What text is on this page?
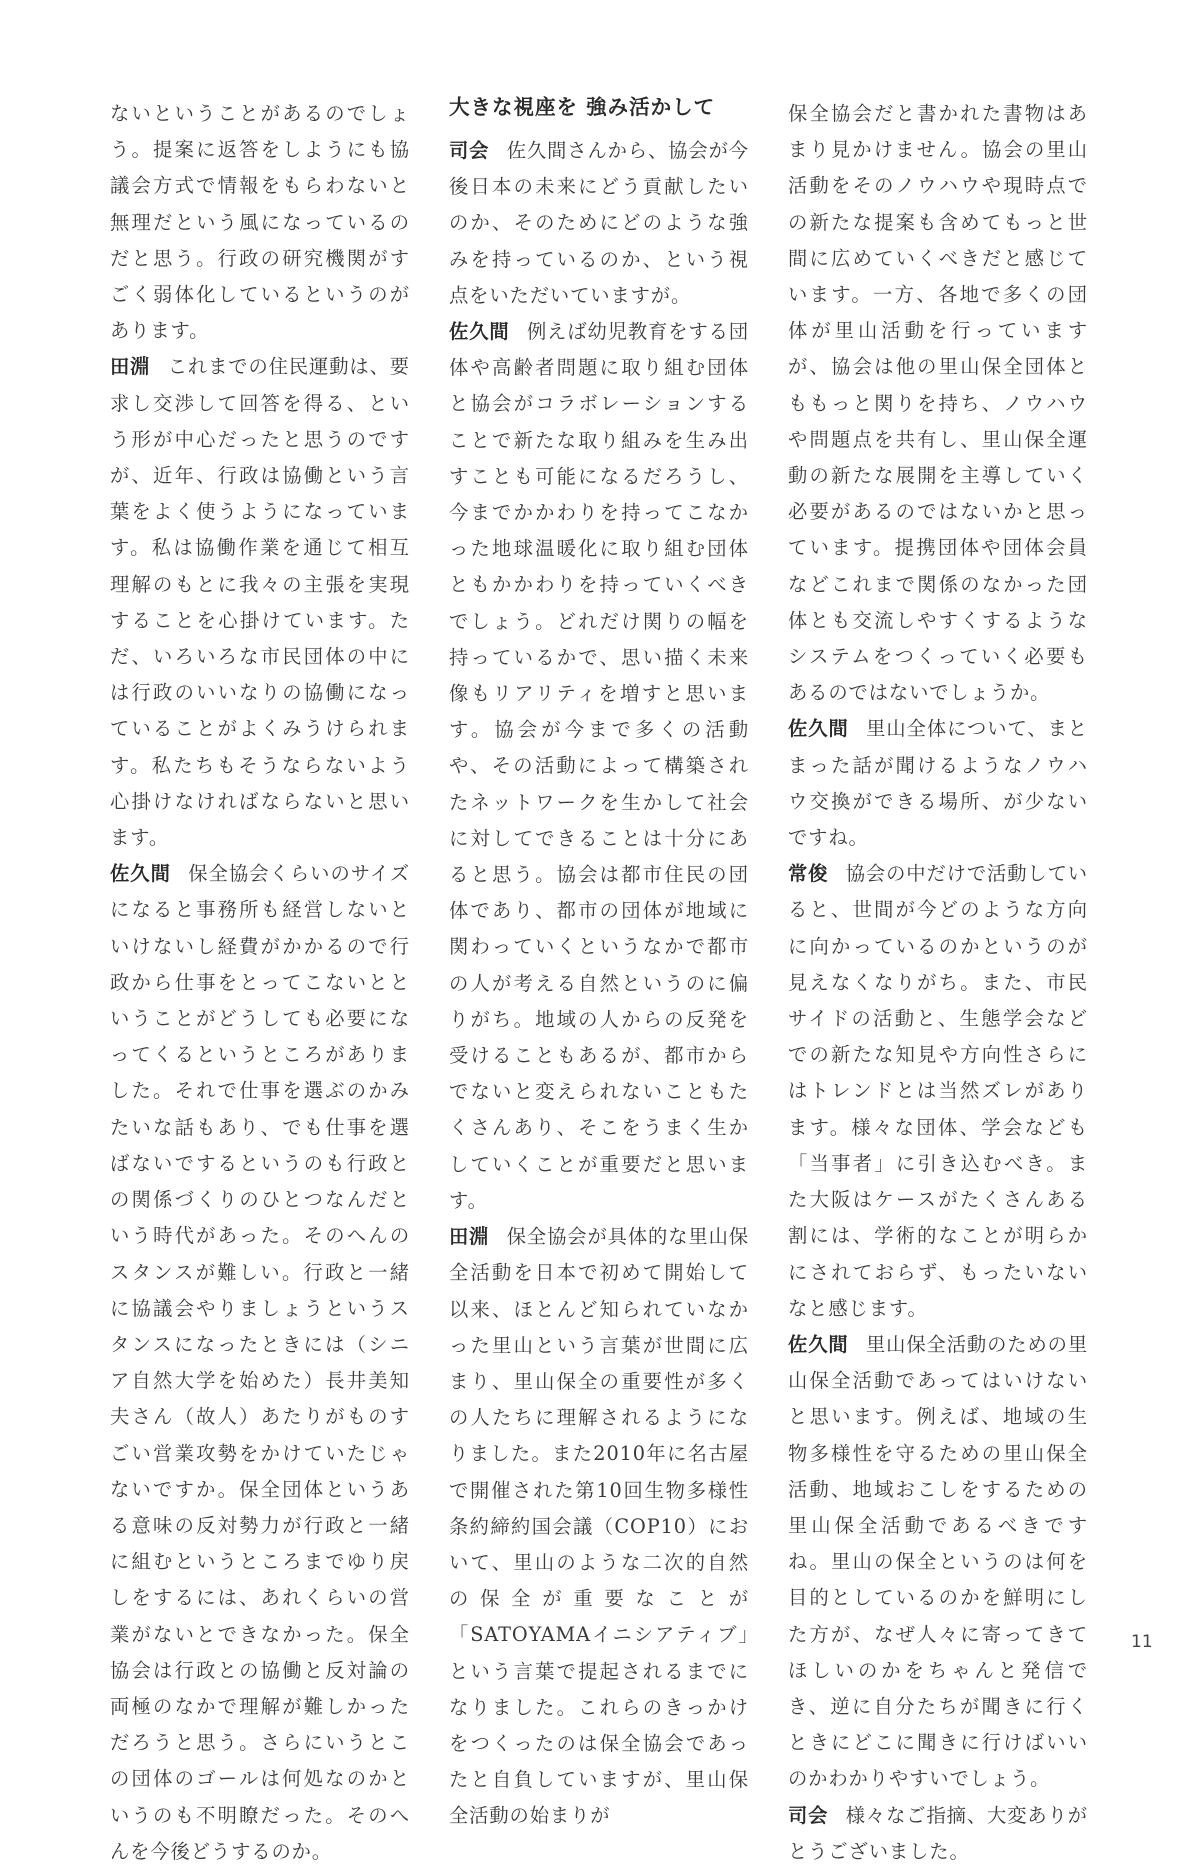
大きな視座を 強み活かして

ないということがあるのでしょう。提案に返答をしようにも協議会方式で情報をもらわないと無理だという風になっているのだと思う。行政の研究機関がすごく弱体化しているというのがあります。

田淵 これまでの住民運動は、要求し交渉して回答を得る、という形が中心だったと思うのですが、近年、行政は協働という言葉をよく使うようになっています。私は協働作業を通じて相互理解のもとに我々の主張を実現することを心掛けています。ただ、いろいろな市民団体の中には行政のいいなりの協働になっていることがよくみうけられます。私たちもそうならないよう心掛けなければならないと思います。

佐久間 保全協会くらいのサイズになると事務所も経営しないといけないし経費がかかるので行政から仕事をとってこないとということがどうしても必要になってくるというところがありました。それで仕事を選ぶのかみたいな話もあり、でも仕事を選ばないでするというのも行政との関係づくりのひとつなんだという時代があった。そのへんのスタンスが難しい。行政と一緒に協議会やりましょうというスタンスになったときには（シニア自然大学を始めた）長井美知夫さん（故人）あたりがものすごい営業攻勢をかけていたじゃないですか。保全団体というある意味の反対勢力が行政と一緒に組むというところまでゆり戻しをするには、あれくらいの営業がないとできなかった。保全協会は行政との協働と反対論の両極のなかで理解が難しかっただろうと思う。さらにいうとこの団体のゴールは何処なのかというのも不明瞭だった。そのへんを今後どうするのか。

司会 佐久間さんから、協会が今後日本の未来にどう貢献したいのか、そのためにどのような強みを持っているのか、という視点をいただいていますが。

佐久間 例えば幼児教育をする団体や高齢者問題に取り組む団体と協会がコラボレーションすることで新たな取り組みを生み出すことも可能になるだろうし、今までかかわりを持ってこなかった地球温暖化に取り組む団体ともかかわりを持っていくべきでしょう。どれだけ関りの幅を持っているかで、思い描く未来像もリアリティを増すと思います。協会が今まで多くの活動や、その活動によって構築されたネットワークを生かして社会に対してできることは十分にあると思う。協会は都市住民の団体であり、都市の団体が地域に関わっていくというなかで都市の人が考える自然というのに偏りがち。地域の人からの反発を受けることもあるが、都市からでないと変えられないこともたくさんあり、そこをうまく生かしていくことが重要だと思います。

田淵 保全協会が具体的な里山保全活動を日本で初めて開始して以来、ほとんど知られていなかった里山という言葉が世間に広まり、里山保全の重要性が多くの人たちに理解されるようになりました。また2010年に名古屋で開催された第10回生物多様性条約締約国会議（COP10）において、里山のような二次的自然の保全が重要なことが「SATOYAMAイニシアティブ」という言葉で提起されるまでになりました。これらのきっかけをつくったのは保全協会であったと自負していますが、里山保全活動の始まりが

保全協会だと書かれた書物はあまり見かけません。協会の里山活動をそのノウハウや現時点での新たな提案も含めてもっと世間に広めていくべきだと感じています。一方、各地で多くの団体が里山活動を行っていますが、協会は他の里山保全団体とももっと関りを持ち、ノウハウや問題点を共有し、里山保全運動の新たな展開を主導していく必要があるのではないかと思っています。提携団体や団体会員などこれまで関係のなかった団体とも交流しやすくするようなシステムをつくっていく必要もあるのではないでしょうか。

佐久間 里山全体について、まとまった話が聞けるようなノウハウ交換ができる場所、が少ないですね。

常俊 協会の中だけで活動していると、世間が今どのような方向に向かっているのかというのが見えなくなりがち。また、市民サイドの活動と、生態学会などでの新たな知見や方向性さらにはトレンドとは当然ズレがあります。様々な団体、学会なども「当事者」に引き込むべき。また大阪はケースがたくさんある割には、学術的なことが明らかにされておらず、もったいないなと感じます。

佐久間 里山保全活動のための里山保全活動であってはいけないと思います。例えば、地域の生物多様性を守るための里山保全活動、地域おこしをするための里山保全活動であるべきですね。里山の保全というのは何を目的としているのかを鮮明にした方が、なぜ人々に寄ってきてほしいのかをちゃんと発信でき、逆に自分たちが聞きに行くときにどこに聞きに行けばいいのかわかりやすいでしょう。

司会 様々なご指摘、大変ありがとうございました。

11
